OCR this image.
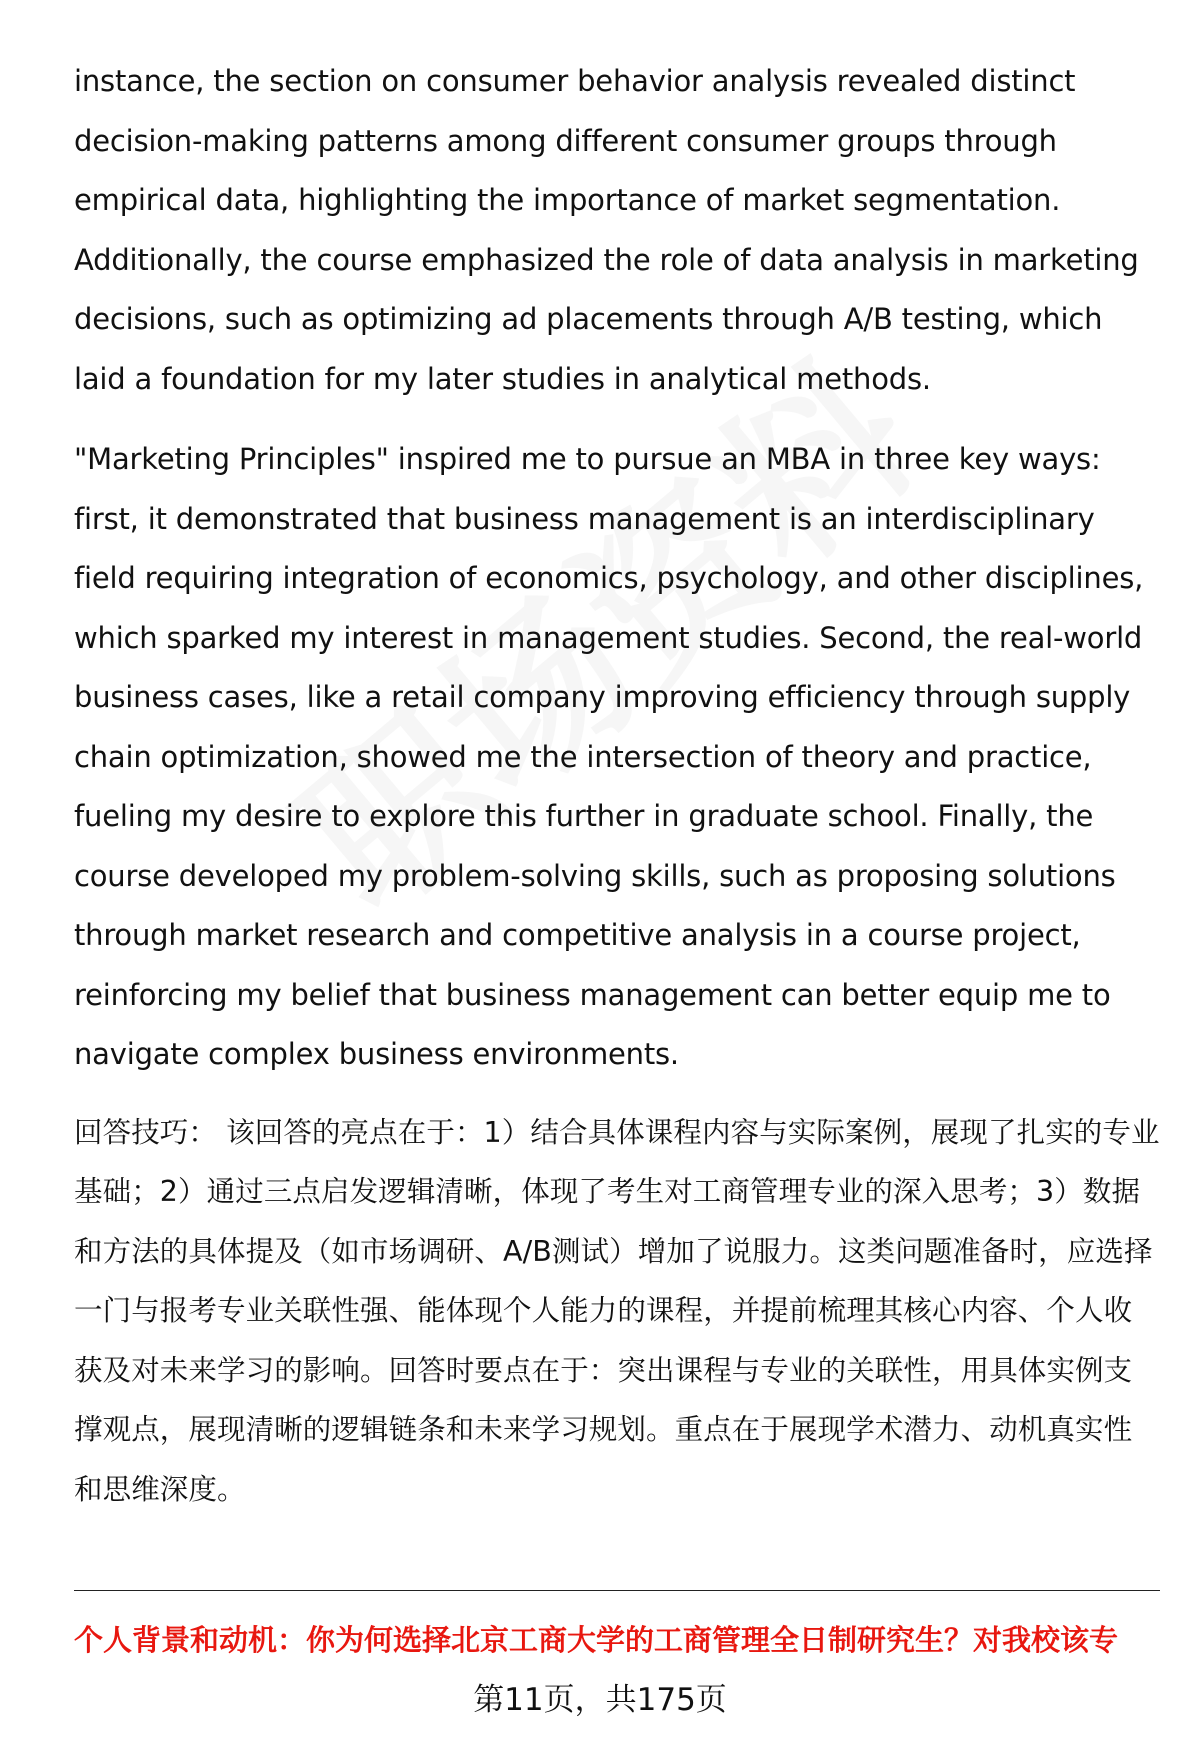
instance, the section on consumer behavior analysis revealed distinct decision-making patterns among different consumer groups through empirical data, highlighting the importance of market segmentation. Additionally, the course emphasized the role of data analysis in marketing decisions, such as optimizing ad placements through A/B testing, which laid a foundation for my later studies in analytical methods.

"Marketing Principles" inspired me to pursue an MBA in three key ways: first, it demonstrated that business management is an interdisciplinary field requiring integration of economics, psychology, and other disciplines, which sparked my interest in management studies. Second, the real-world business cases, like a retail company improving efficiency through supply chain optimization, showed me the intersection of theory and practice, fueling my desire to explore this further in graduate school. Finally, the course developed my problem-solving skills, such as proposing solutions through market research and competitive analysis in a course project, reinforcing my belief that business management can better equip me to navigate complex business environments.

回答技巧： 该回答的亮点在于：1）结合具体课程内容与实际案例，展现了扎实的专业基础；2）通过三点启发逻辑清晰，体现了考生对工商管理专业的深入思考；3）数据和方法的具体提及（如市场调研、A/B测试）增加了说服力。这类问题准备时，应选择一门与报考专业关联性强、能体现个人能力的课程，并提前梳理其核心内容、个人收获及对未来学习的影响。回答时要点在于：突出课程与专业的关联性，用具体实例支撑观点，展现清晰的逻辑链条和未来学习规划。重点在于展现学术潜力、动机真实性和思维深度。

个人背景和动机：你为何选择北京工商大学的工商管理全日制研究生？对我校该专
第11页，共175页
